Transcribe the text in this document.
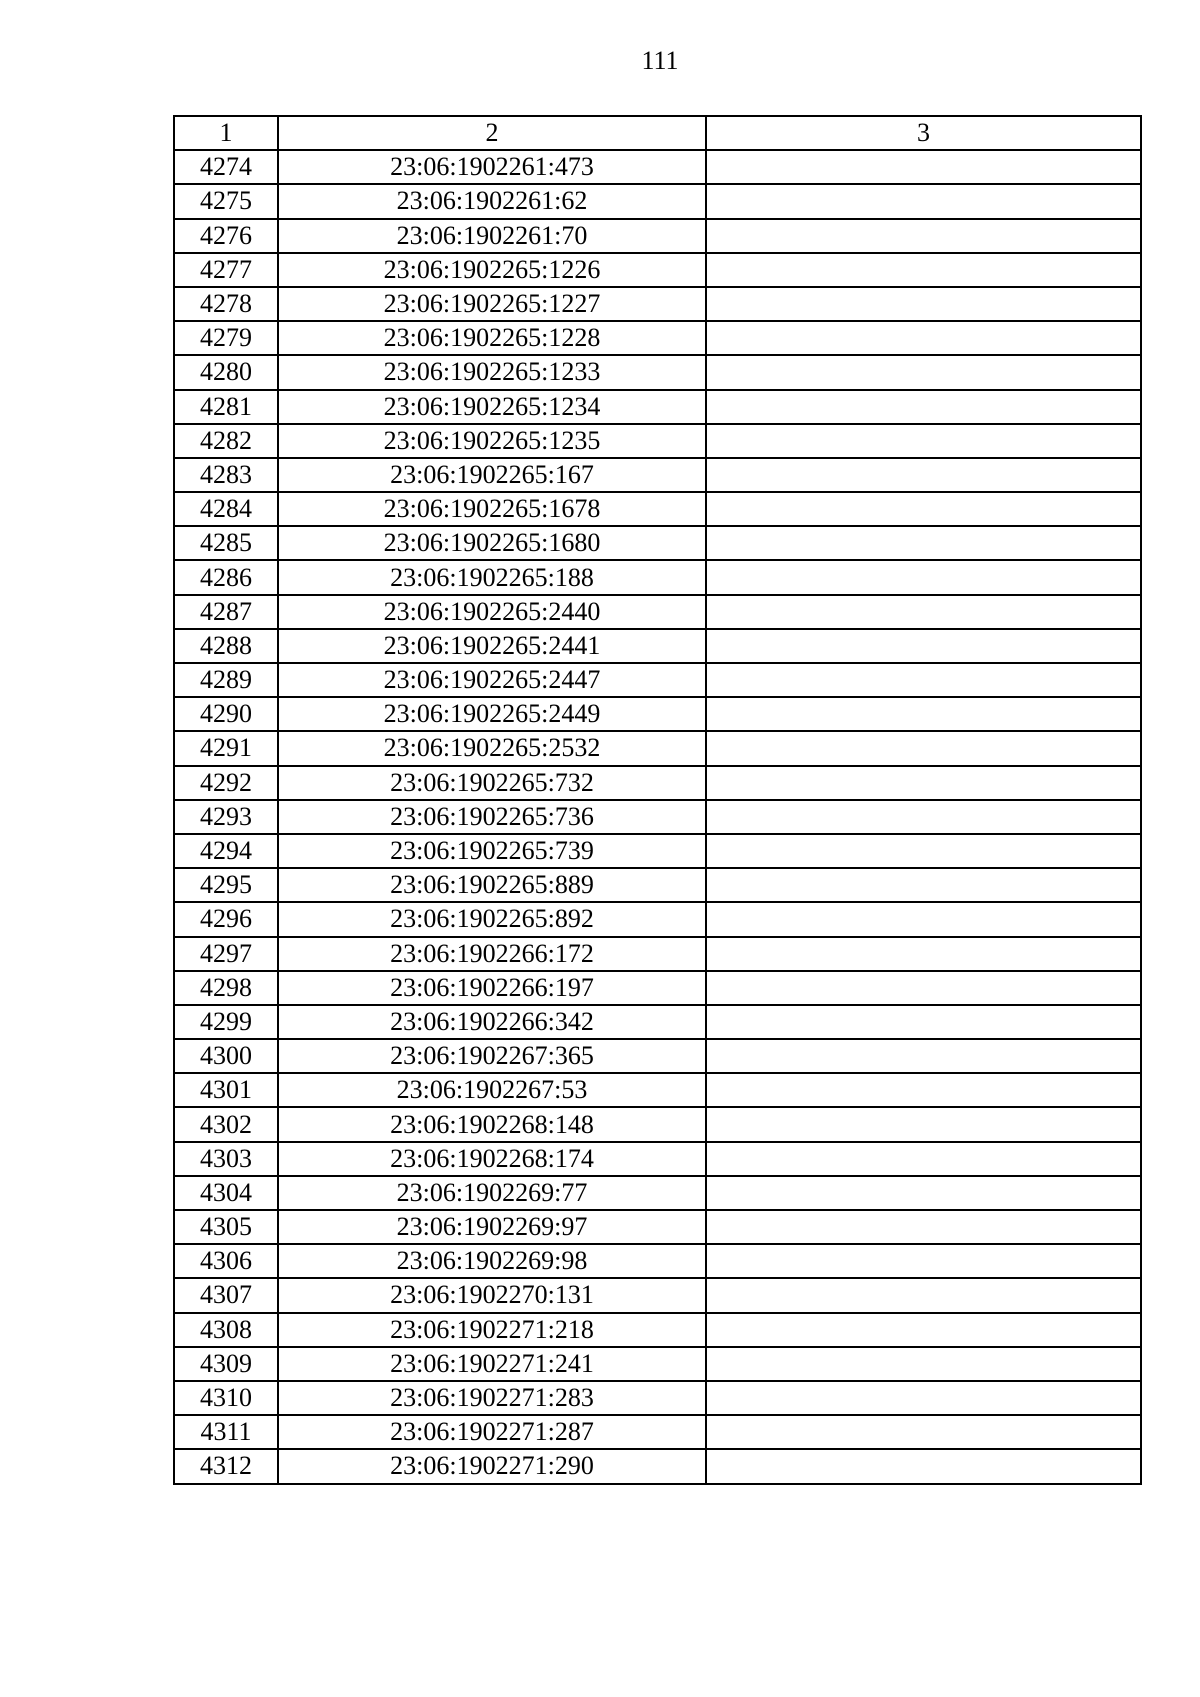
111
1	2	3
4274	23:06:1902261:473	
4275	23:06:1902261:62	
4276	23:06:1902261:70	
4277	23:06:1902265:1226	
4278	23:06:1902265:1227	
4279	23:06:1902265:1228	
4280	23:06:1902265:1233	
4281	23:06:1902265:1234	
4282	23:06:1902265:1235	
4283	23:06:1902265:167	
4284	23:06:1902265:1678	
4285	23:06:1902265:1680	
4286	23:06:1902265:188	
4287	23:06:1902265:2440	
4288	23:06:1902265:2441	
4289	23:06:1902265:2447	
4290	23:06:1902265:2449	
4291	23:06:1902265:2532	
4292	23:06:1902265:732	
4293	23:06:1902265:736	
4294	23:06:1902265:739	
4295	23:06:1902265:889	
4296	23:06:1902265:892	
4297	23:06:1902266:172	
4298	23:06:1902266:197	
4299	23:06:1902266:342	
4300	23:06:1902267:365	
4301	23:06:1902267:53	
4302	23:06:1902268:148	
4303	23:06:1902268:174	
4304	23:06:1902269:77	
4305	23:06:1902269:97	
4306	23:06:1902269:98	
4307	23:06:1902270:131	
4308	23:06:1902271:218	
4309	23:06:1902271:241	
4310	23:06:1902271:283	
4311	23:06:1902271:287	
4312	23:06:1902271:290	
